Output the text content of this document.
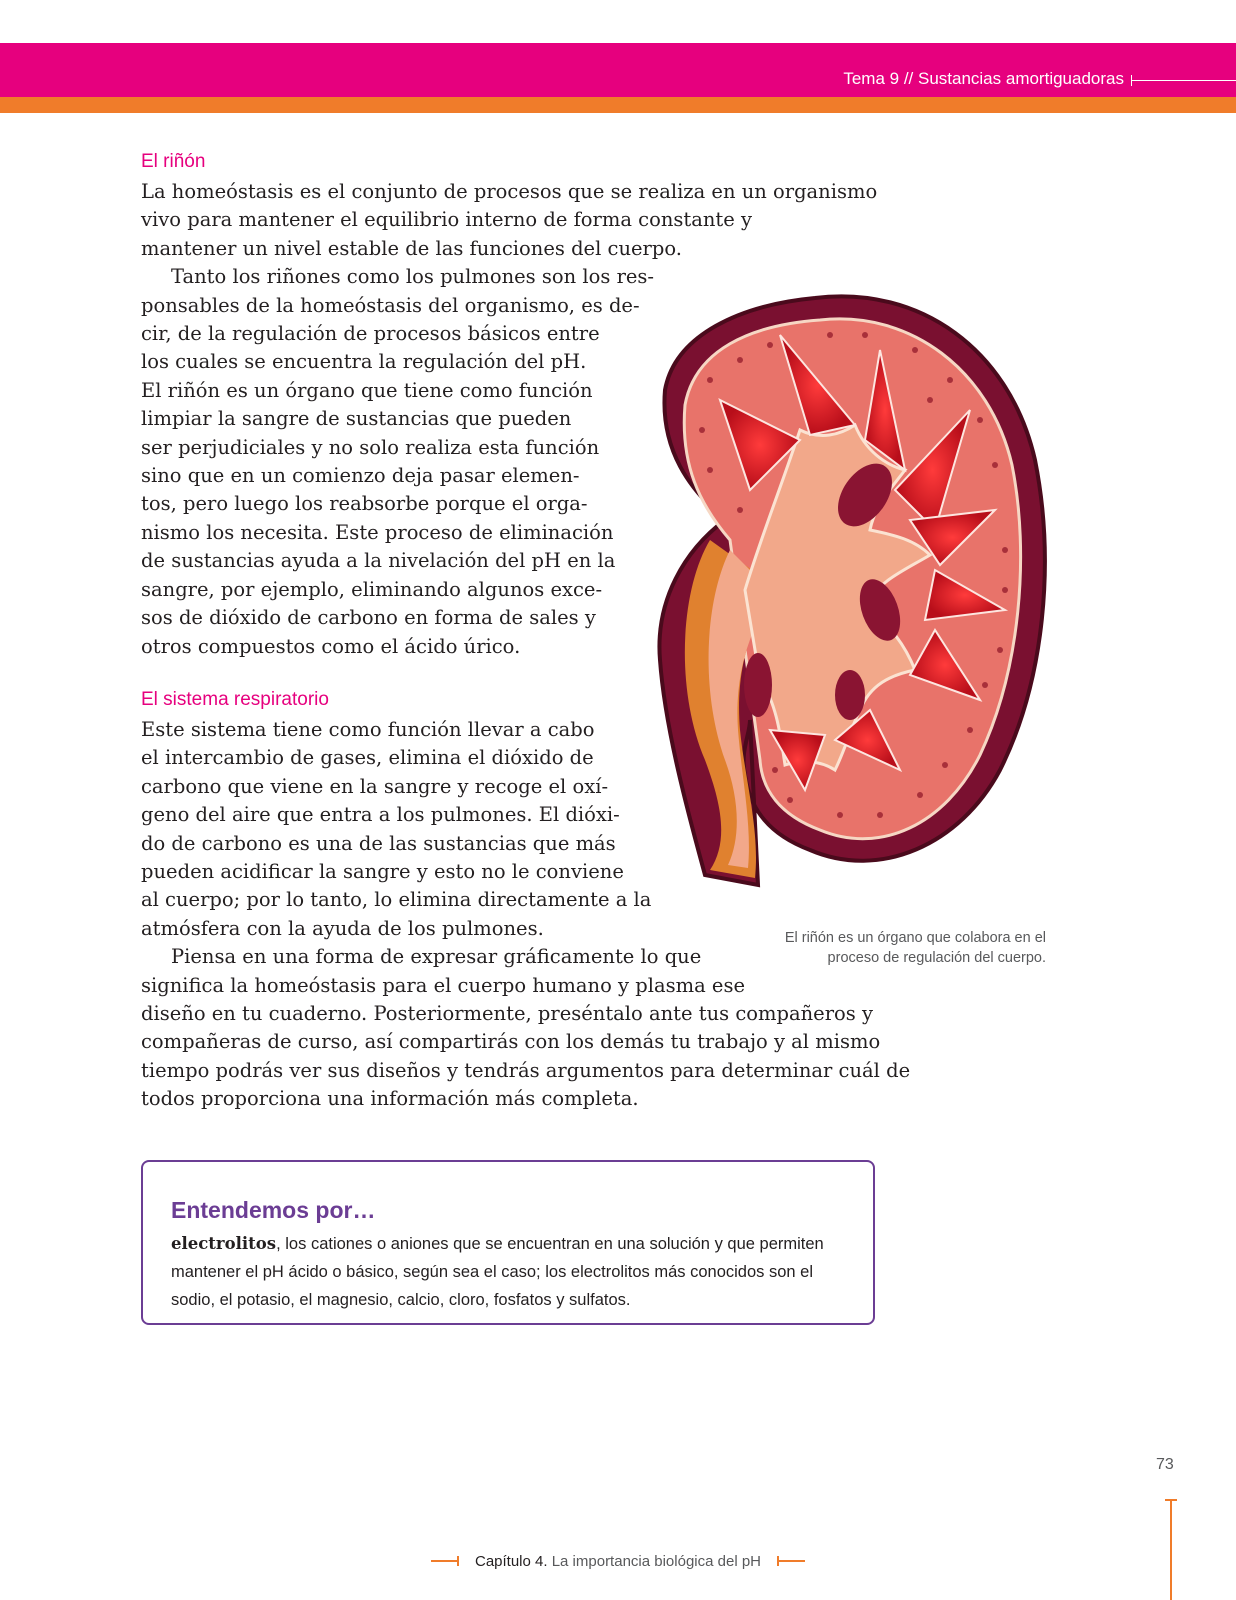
Tema 9 // Sustancias amortiguadoras
El riñón
La homeóstasis es el conjunto de procesos que se realiza en un organismo
vivo para mantener el equilibrio interno de forma constante y
mantener un nivel estable de las funciones del cuerpo.
Tanto los riñones como los pulmones son los res-
ponsables de la homeóstasis del organismo, es de-
cir, de la regulación de procesos básicos entre
los cuales se encuentra la regulación del pH.
El riñón es un órgano que tiene como función
limpiar la sangre de sustancias que pueden
ser perjudiciales y no solo realiza esta función
sino que en un comienzo deja pasar elemen-
tos, pero luego los reabsorbe porque el orga-
nismo los necesita. Este proceso de eliminación
de sustancias ayuda a la nivelación del pH en la
sangre, por ejemplo, eliminando algunos exce-
sos de dióxido de carbono en forma de sales y
otros compuestos como el ácido úrico.
El sistema respiratorio
Este sistema tiene como función llevar a cabo
el intercambio de gases, elimina el dióxido de
carbono que viene en la sangre y recoge el oxí-
geno del aire que entra a los pulmones. El dióxi-
do de carbono es una de las sustancias que más
pueden acidificar la sangre y esto no le conviene
al cuerpo; por lo tanto, lo elimina directamente a la
atmósfera con la ayuda de los pulmones.
Piensa en una forma de expresar gráficamente lo que
significa la homeóstasis para el cuerpo humano y plasma ese
diseño en tu cuaderno. Posteriormente, preséntalo ante tus compañeros y
compañeras de curso, así compartirás con los demás tu trabajo y al mismo
tiempo podrás ver sus diseños y tendrás argumentos para determinar cuál de
todos proporciona una información más completa.
El riñón es un órgano que colabora en el
proceso de regulación del cuerpo.
Entendemos por…

electrolitos, los cationes o aniones que se encuentran en una solución y que permiten
mantener el pH ácido o básico, según sea el caso; los electrolitos más conocidos son el
sodio, el potasio, el magnesio, calcio, cloro, fosfatos y sulfatos.

73
Capítulo 4. La importancia biológica del pH
